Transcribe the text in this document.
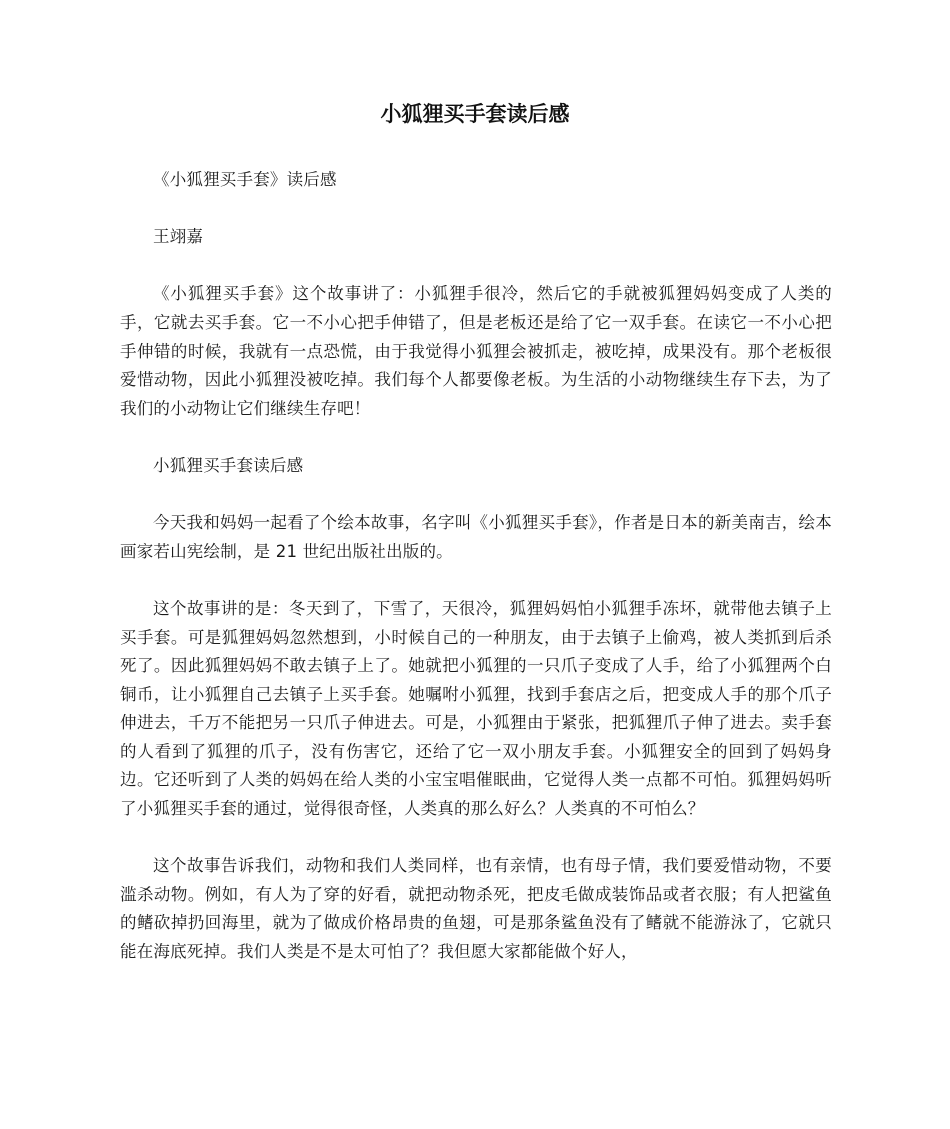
小狐狸买手套读后感

《小狐狸买手套》读后感

王翊嘉

《小狐狸买手套》这个故事讲了：小狐狸手很冷，然后它的手就被狐狸妈妈变成了人类的手，它就去买手套。它一不小心把手伸错了，但是老板还是给了它一双手套。在读它一不小心把手伸错的时候，我就有一点恐慌，由于我觉得小狐狸会被抓走，被吃掉，成果没有。那个老板很爱惜动物，因此小狐狸没被吃掉。我们每个人都要像老板。为生活的小动物继续生存下去，为了我们的小动物让它们继续生存吧！

小狐狸买手套读后感

今天我和妈妈一起看了个绘本故事，名字叫《小狐狸买手套》，作者是日本的新美南吉，绘本画家若山宪绘制，是 21 世纪出版社出版的。

这个故事讲的是：冬天到了，下雪了，天很冷，狐狸妈妈怕小狐狸手冻坏，就带他去镇子上买手套。可是狐狸妈妈忽然想到，小时候自己的一种朋友，由于去镇子上偷鸡，被人类抓到后杀死了。因此狐狸妈妈不敢去镇子上了。她就把小狐狸的一只爪子变成了人手，给了小狐狸两个白铜币，让小狐狸自己去镇子上买手套。她嘱咐小狐狸，找到手套店之后，把变成人手的那个爪子伸进去，千万不能把另一只爪子伸进去。可是，小狐狸由于紧张，把狐狸爪子伸了进去。卖手套的人看到了狐狸的爪子，没有伤害它，还给了它一双小朋友手套。小狐狸安全的回到了妈妈身边。它还听到了人类的妈妈在给人类的小宝宝唱催眠曲，它觉得人类一点都不可怕。狐狸妈妈听了小狐狸买手套的通过，觉得很奇怪，人类真的那么好么？人类真的不可怕么？

这个故事告诉我们，动物和我们人类同样，也有亲情，也有母子情，我们要爱惜动物，不要滥杀动物。例如，有人为了穿的好看，就把动物杀死，把皮毛做成装饰品或者衣服；有人把鲨鱼的鳍砍掉扔回海里，就为了做成价格昂贵的鱼翅，可是那条鲨鱼没有了鳍就不能游泳了，它就只能在海底死掉。我们人类是不是太可怕了？我但愿大家都能做个好人，
